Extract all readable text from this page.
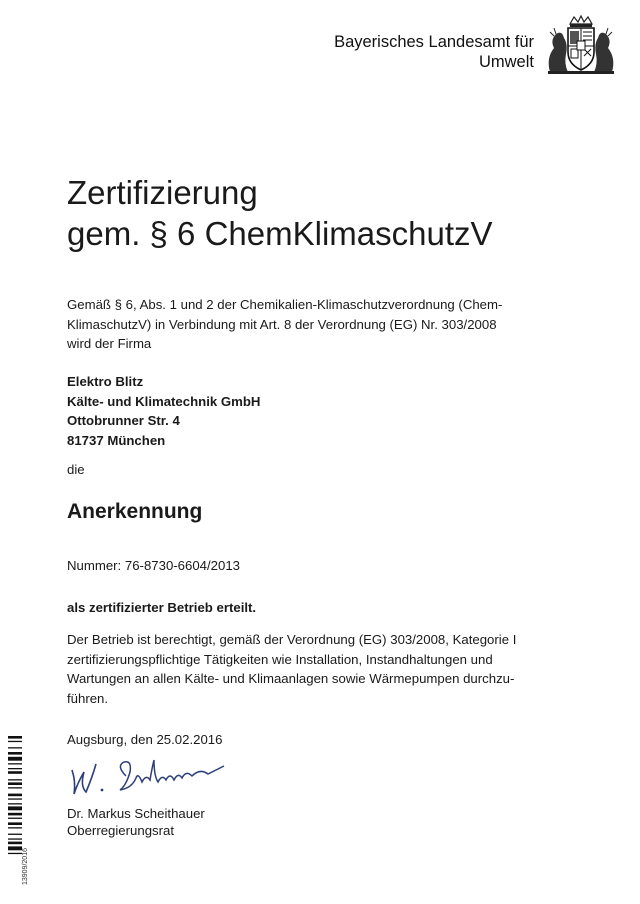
Bayerisches Landesamt für
Umwelt
Zertifizierung
gem. § 6 ChemKlimaschutzV
Gemäß § 6, Abs. 1 und 2 der Chemikalien-Klimaschutzverordnung (Chem-
KlimaschutzV) in Verbindung mit Art. 8 der Verordnung (EG) Nr. 303/2008
wird der Firma
Elektro Blitz
Kälte- und Klimatechnik GmbH
Ottobrunner Str. 4
81737 München
die
Anerkennung
Nummer: 76-8730-6604/2013
als zertifizierter Betrieb erteilt.
Der Betrieb ist berechtigt, gemäß der Verordnung (EG) 303/2008, Kategorie I
zertifizierungspflichtige Tätigkeiten wie Installation, Instandhaltungen und
Wartungen an allen Kälte- und Klimaanlagen sowie Wärmepumpen durchzu-
führen.
Augsburg, den 25.02.2016
Dr. Markus Scheithauer
Oberregierungsrat
13909/2016
